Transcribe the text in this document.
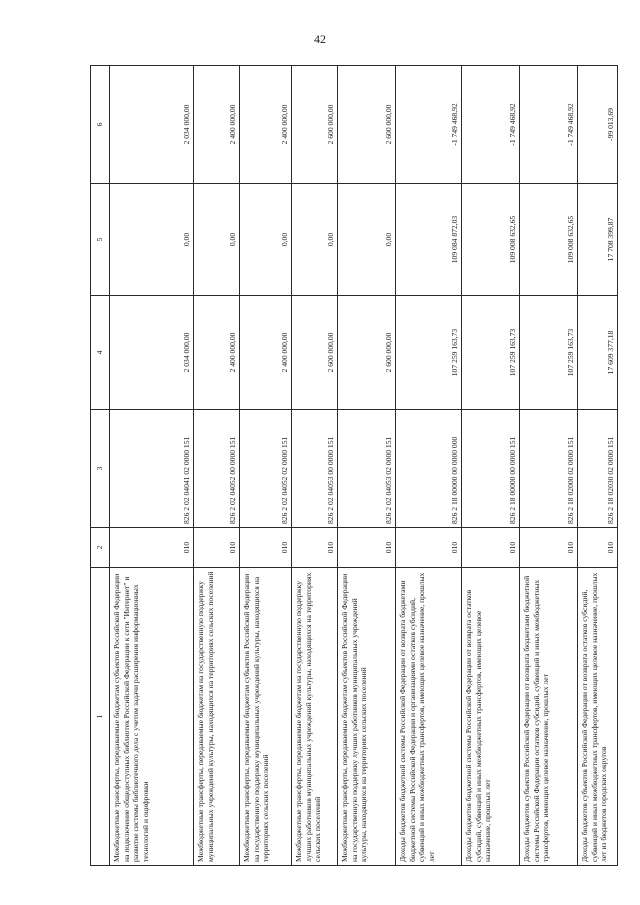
42
1	2	3	4	5	6
Межбюджетные трансферты, передаваемые бюджетам субъектов Российской Федерации на подключение общедоступных библиотек Российской Федерации к сети "Интернет" и развитие системы библиотечного дела с учетом задачи расширения информационных технологий и оцифровки	010	826 2 02 04041 02 0000 151	2 034 000,00	0,00	2 034 000,00
Межбюджетные трансферты, передаваемые бюджетам на государственную поддержку муниципальных учреждений культуры, находящихся на территориях сельских поселений	010	826 2 02 04052 00 0000 151	2 400 000,00	0,00	2 400 000,00
Межбюджетные трансферты, передаваемые бюджетам субъектов Российской Федерации на государственную поддержку муниципальных учреждений культуры, находящихся на территориях сельских поселений	010	826 2 02 04052 02 0000 151	2 400 000,00	0,00	2 400 000,00
Межбюджетные трансферты, передаваемые бюджетам на государственную поддержку лучших работников муниципальных учреждений культуры, находящихся на территориях сельских поселений	010	826 2 02 04053 00 0000 151	2 600 000,00	0,00	2 600 000,00
Межбюджетные трансферты, передаваемые бюджетам субъектов Российской Федерации на государственную поддержку лучших работников муниципальных учреждений культуры, находящихся на территориях сельских поселений	010	826 2 02 04053 02 0000 151	2 600 000,00	0,00	2 600 000,00
Доходы бюджетов бюджетной системы Российской Федерации от возврата бюджетами бюджетной системы Российской Федерации и организациями остатков субсидий, субвенций и иных межбюджетных трансфертов, имеющих целевое назначение, прошлых лет	010	826 2 18 00000 00 0000 000	107 259 163,73	109 084 872,03	-1 749 468,92
Доходы бюджетов бюджетной системы Российской Федерации от возврата остатков субсидий, субвенций и иных межбюджетных трансфертов, имеющих целевое назначение, прошлых лет	010	826 2 18 00000 00 0000 151	107 259 163,73	109 008 632,65	-1 749 468,92
Доходы бюджетов субъектов Российской Федерации от возврата бюджетами бюджетной системы Российской Федерации остатков субсидий, субвенций и иных межбюджетных трансфертов, имеющих целевое назначение, прошлых лет	010	826 2 18 02000 02 0000 151	107 259 163,73	109 008 632,65	-1 749 468,92
Доходы бюджетов субъектов Российской Федерации от возврата остатков субсидий, субвенций и иных межбюджетных трансфертов, имеющих целевое назначение, прошлых лет из бюджетов городских округов	010	826 2 18 02030 02 0000 151	17 609 377,18	17 708 399,87	-99 013,69
